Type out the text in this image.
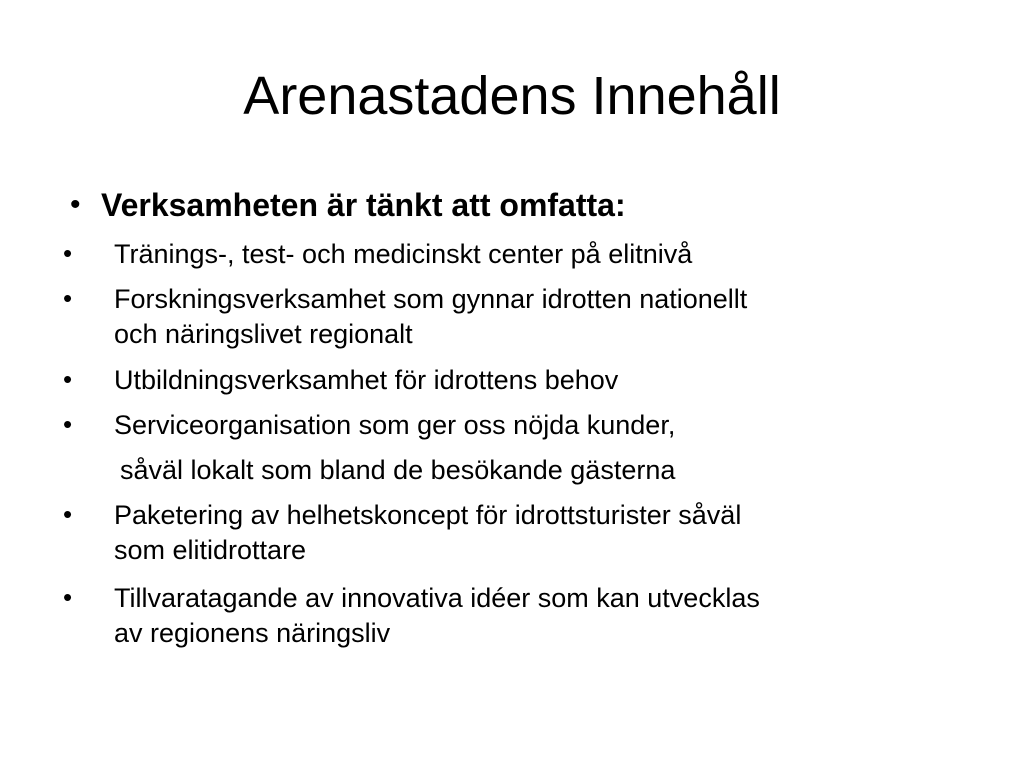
Arenastadens Innehåll
• Verksamheten är tänkt att omfatta:
• Tränings-, test- och medicinskt center på elitnivå
• Forskningsverksamhet som gynnar idrotten nationellt
och näringslivet regionalt
• Utbildningsverksamhet för idrottens behov
• Serviceorganisation som ger oss nöjda kunder,
såväl lokalt som bland de besökande gästerna
• Paketering av helhetskoncept för idrottsturister såväl
som elitidrottare
• Tillvaratagande av innovativa idéer som kan utvecklas
av regionens näringsliv
